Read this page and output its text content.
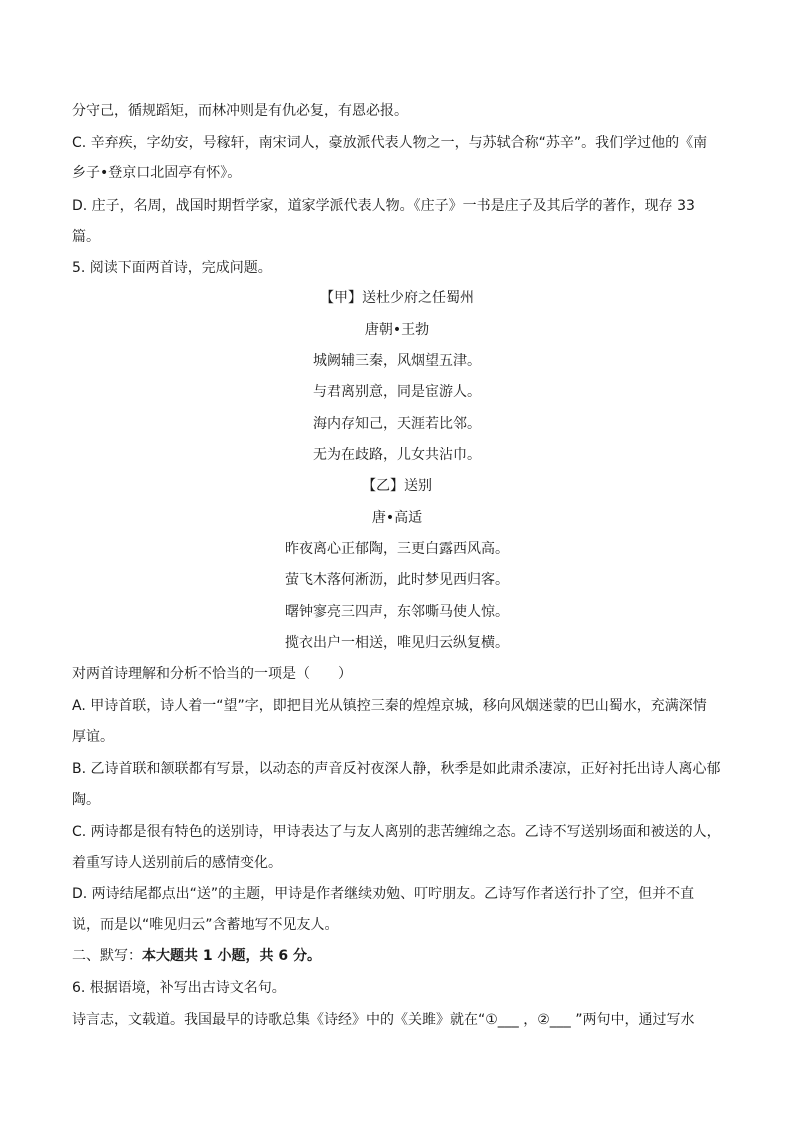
分守己，循规蹈矩，而林冲则是有仇必复，有恩必报。
C. 辛弃疾，字幼安，号稼轩，南宋词人，豪放派代表人物之一，与苏轼合称“苏辛”。我们学过他的《南
乡子•登京口北固亭有怀》。
D. 庄子，名周，战国时期哲学家，道家学派代表人物。《庄子》一书是庄子及其后学的著作，现存 33
篇。
5. 阅读下面两首诗，完成问题。
【甲】送杜少府之任蜀州
唐朝•王勃
城阙辅三秦，风烟望五津。
与君离别意，同是宦游人。
海内存知己，天涯若比邻。
无为在歧路，儿女共沾巾。
【乙】送别
唐•高适
昨夜离心正郁陶，三更白露西风高。
萤飞木落何淅沥，此时梦见西归客。
曙钟寥亮三四声，东邻嘶马使人惊。
揽衣出户一相送，唯见归云纵复横。
对两首诗理解和分析不恰当的一项是（　　）
A. 甲诗首联，诗人着一“望”字，即把目光从镇控三秦的煌煌京城，移向风烟迷蒙的巴山蜀水，充满深情
厚谊。
B. 乙诗首联和颔联都有写景，以动态的声音反衬夜深人静，秋季是如此肃杀凄凉，正好衬托出诗人离心郁
陶。
C. 两诗都是很有特色的送别诗，甲诗表达了与友人离别的悲苦缠绵之态。乙诗不写送别场面和被送的人，
着重写诗人送别前后的感情变化。
D. 两诗结尾都点出“送”的主题，甲诗是作者继续劝勉、叮咛朋友。乙诗写作者送行扑了空，但并不直
说，而是以“唯见归云”含蓄地写不见友人。
二、默写：本大题共 1 小题，共 6 分。
6. 根据语境，补写出古诗文名句。
诗言志，文载道。我国最早的诗歌总集《诗经》中的《关雎》就在“①___ ，②___ ”两句中，通过写水
